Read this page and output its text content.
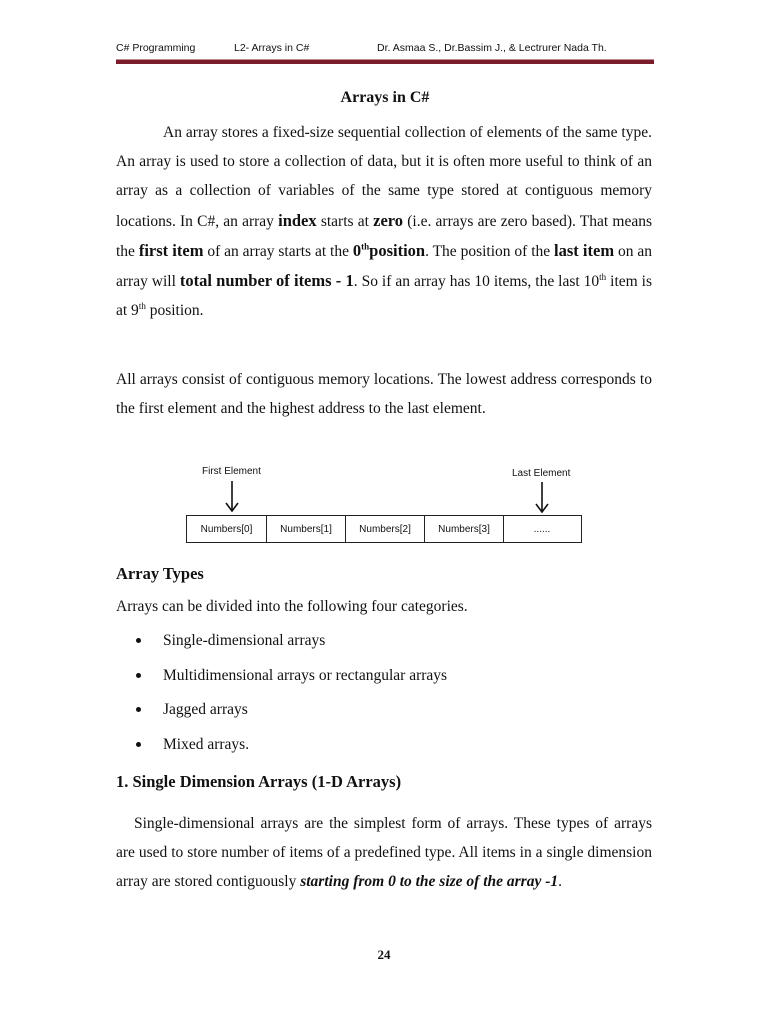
C# Programming	L2- Arrays in C#	Dr. Asmaa S., Dr.Bassim J., & Lectrurer Nada Th.
Arrays in C#
An array stores a fixed-size sequential collection of elements of the same type. An array is used to store a collection of data, but it is often more useful to think of an array as a collection of variables of the same type stored at contiguous memory locations. In C#, an array index starts at zero (i.e. arrays are zero based). That means the first item of an array starts at the 0thposition. The position of the last item on an array will total number of items - 1. So if an array has 10 items, the last 10th item is at 9th position.
All arrays consist of contiguous memory locations. The lowest address corresponds to the first element and the highest address to the last element.
First Element	Last Element
Numbers[0]	Numbers[1]	Numbers[2]	Numbers[3]	......
Array Types
Arrays can be divided into the following four categories.
Single-dimensional arrays
Multidimensional arrays or rectangular arrays
Jagged arrays
Mixed arrays.
1. Single Dimension Arrays (1-D Arrays)
Single-dimensional arrays are the simplest form of arrays. These types of arrays are used to store number of items of a predefined type. All items in a single dimension array are stored contiguously starting from 0 to the size of the array -1.
24
